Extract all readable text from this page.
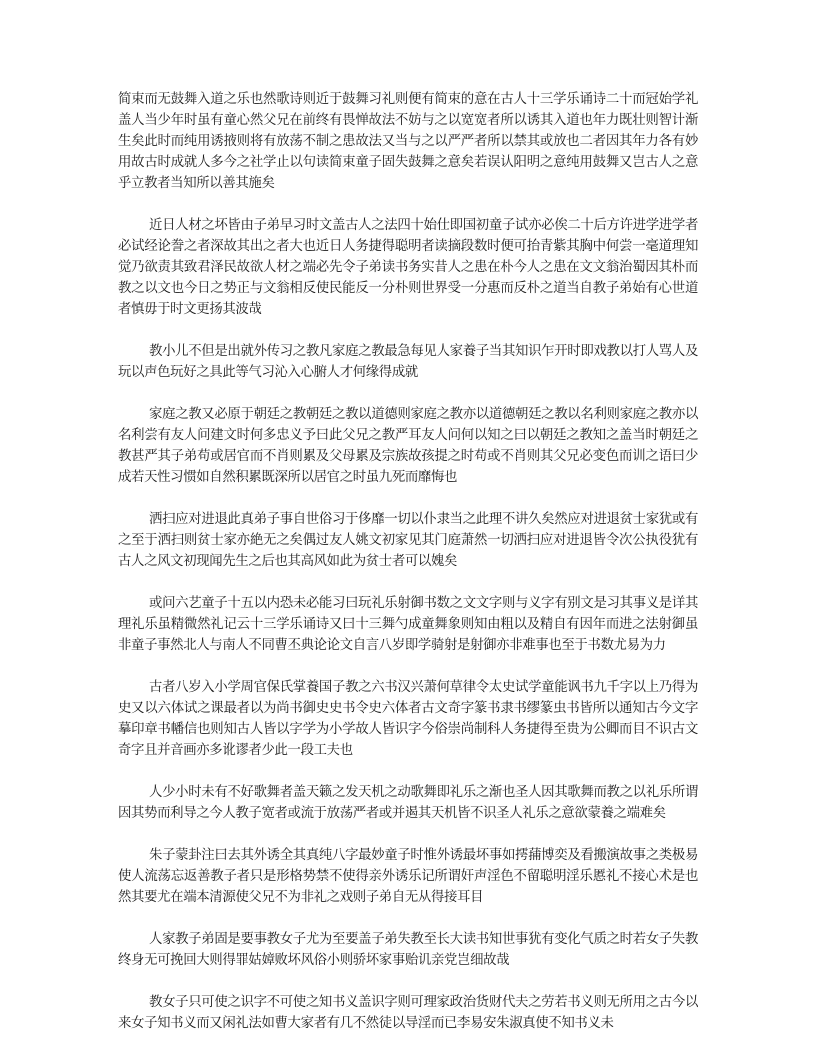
简束而无鼓舞入道之乐也然歌诗则近于鼓舞习礼则便有简束的意在古人十三学乐诵诗二十而冠始学礼盖人当少年时虽有童心然父兄在前终有畏惮故法不妨与之以宽宽者所以诱其入道也年力既壮则智计渐生矣此时而纯用诱掖则将有放荡不制之患故法又当与之以严严者所以禁其或放也二者因其年力各有妙用故古时成就人多今之社学止以句读简束童子固失鼓舞之意矣若误认阳明之意纯用鼓舞又岂古人之意乎立教者当知所以善其施矣

近日人材之坏皆由子弟早习时文盖古人之法四十始仕即国初童子试亦必俟二十后方许进学进学者必试经论誊之者深故其出之者大也近日人务捷得聪明者读摘段数时便可抬青紫其胸中何尝一毫道理知觉乃欲责其致君泽民故欲人材之端必先令子弟读书务实昔人之患在朴今人之患在文文翁治蜀因其朴而教之以文也今日之势正与文翁相反使民能反一分朴则世界受一分惠而反朴之道当自教子弟始有心世道者慎毋于时文更扬其波哉

教小儿不但是出就外传习之教凡家庭之教最急每见人家養子当其知识乍开时即戏教以打人骂人及玩以声色玩好之具此等气习沁入心腑人才何缘得成就

家庭之教又必原于朝廷之教朝廷之教以道德则家庭之教亦以道德朝廷之教以名利则家庭之教亦以名利尝有友人问建文时何多忠义予曰此父兄之教严耳友人问何以知之曰以朝廷之教知之盖当时朝廷之教甚严其子弟苟或居官而不肖则累及父母累及宗族故孩提之时苟或不肖则其父兄必变色而训之语曰少成若天性习惯如自然积累既深所以居官之时虽九死而靡悔也

洒扫应对进退此真弟子事自世俗习于侈靡一切以仆隶当之此理不讲久矣然应对进退贫士家犹或有之至于洒扫则贫士家亦絶无之矣偶过友人姚文初家见其门庭萧然一切洒扫应对进退皆令次公执役犹有古人之风文初现闻先生之后也其高风如此为贫士者可以媿矣

或问六艺童子十五以内恐未必能习曰玩礼乐射御书数之文文字则与义字有别文是习其事义是详其理礼乐虽精微然礼记云十三学乐诵诗又曰十三舞勺成童舞象则知由粗以及精自有因年而进之法射御虽非童子事然北人与南人不同曹丕典论论文自言八岁即学骑射是射御亦非难事也至于书数尤易为力

古者八岁入小学周官保氏掌養国子教之六书汉兴萧何草律令太史试学童能讽书九千字以上乃得为史又以六体试之课最者以为尚书御史史书令史六体者古文奇字篆书隶书缪篆虫书皆所以通知古今文字摹印章书幡信也则知古人皆以字学为小学故人皆识字今俗崇尚制科人务捷得至贵为公卿而目不识古文奇字且并音画亦多讹谬者少此一段工夫也

人少小时未有不好歌舞者盖天籁之发天机之动歌舞即礼乐之渐也圣人因其歌舞而教之以礼乐所谓因其势而利导之今人教子宽者或流于放荡严者或并遏其天机皆不识圣人礼乐之意欲蒙養之端难矣

朱子蒙卦注曰去其外诱全其真纯八字最妙童子时惟外诱最坏事如摴蒱博奕及看搬演故事之类极易使人流荡忘返善教子者只是形格势禁不使得亲外诱乐记所谓奸声淫色不留聪明淫乐慝礼不接心术是也然其要尤在端本清源使父兄不为非礼之戏则子弟自无从得接耳目

人家教子弟固是要事教女子尤为至要盖子弟失教至长大读书知世事犹有变化气质之时若女子失教终身无可挽回大则得罪姑嫜败坏风俗小则骄坏家事贻讥亲党岂细故哉

教女子只可使之识字不可使之知书义盖识字则可理家政治货财代夫之劳若书义则无所用之古今以来女子知书义而又闲礼法如曹大家者有几不然徒以导淫而已李易安朱淑真使不知书义未
